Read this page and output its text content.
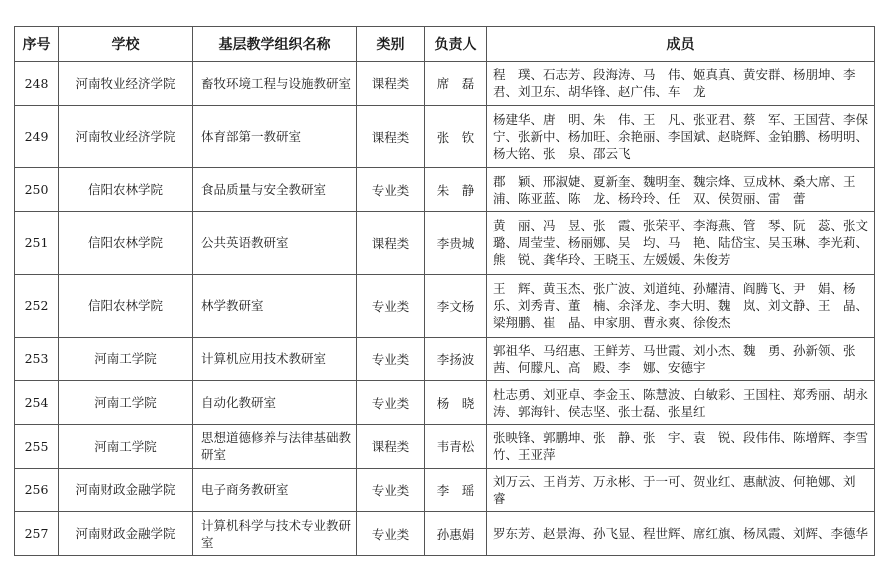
序号	学校	基层教学组织名称	类别	负责人	成员
248	河南牧业经济学院	畜牧环境工程与设施教研室	课程类	席　磊	程　璞、石志芳、段海涛、马　伟、姬真真、黄安群、杨朋坤、李　君、刘卫东、胡华锋、赵广伟、车　龙
249	河南牧业经济学院	体育部第一教研室	课程类	张　钦	杨建华、唐　明、朱　伟、王　凡、张亚君、蔡　军、王国营、李保宁、张新中、杨加旺、余艳丽、李国斌、赵晓辉、金铂鹏、杨明明、杨大铭、张　泉、邵云飞
250	信阳农林学院	食品质量与安全教研室	专业类	朱　静	郡　颖、邢淑婕、夏新奎、魏明奎、魏宗烽、豆成林、桑大席、王　浦、陈亚蓝、陈　龙、杨玲玲、任　双、侯贺丽、雷　蕾
251	信阳农林学院	公共英语教研室	课程类	李贵城	黄　丽、冯　昱、张　霞、张荣平、李海燕、管　琴、阮　蕊、张文璐、周莹莹、杨丽娜、吴　均、马　艳、陆岱宝、吴玉琳、李光莉、熊　锐、龚华玲、王晓玉、左媛媛、朱俊芳
252	信阳农林学院	林学教研室	专业类	李文杨	王　辉、黄玉杰、张广波、刘道纯、孙耀清、阎腾飞、尹　娟、杨　乐、刘秀青、董　楠、余泽龙、李大明、魏　岚、刘文静、王　晶、梁翔鹏、崔　晶、申家朋、曹永爽、徐俊杰
253	河南工学院	计算机应用技术教研室	专业类	李扬波	郭祖华、马绍惠、王鲜芳、马世霞、刘小杰、魏　勇、孙新领、张　茜、何朦凡、高　殿、李　娜、安德宇
254	河南工学院	自动化教研室	专业类	杨　晓	杜志勇、刘亚卓、李金玉、陈慧波、白敏彩、王国柱、郑秀丽、胡永涛、郭海针、侯志坚、张士磊、张星红
255	河南工学院	思想道德修养与法律基础教研室	课程类	韦青松	张映锋、郭鹏坤、张　静、张　宇、袁　锐、段伟伟、陈增辉、李雪竹、王亚萍
256	河南财政金融学院	电子商务教研室	专业类	李　瑶	刘万云、王肖芳、万永彬、于一可、贺业红、惠献波、何艳娜、刘　睿
257	河南财政金融学院	计算机科学与技术专业教研室	专业类	孙惠娟	罗东芳、赵景海、孙飞显、程世辉、席红旗、杨凤霞、刘辉、李德华
